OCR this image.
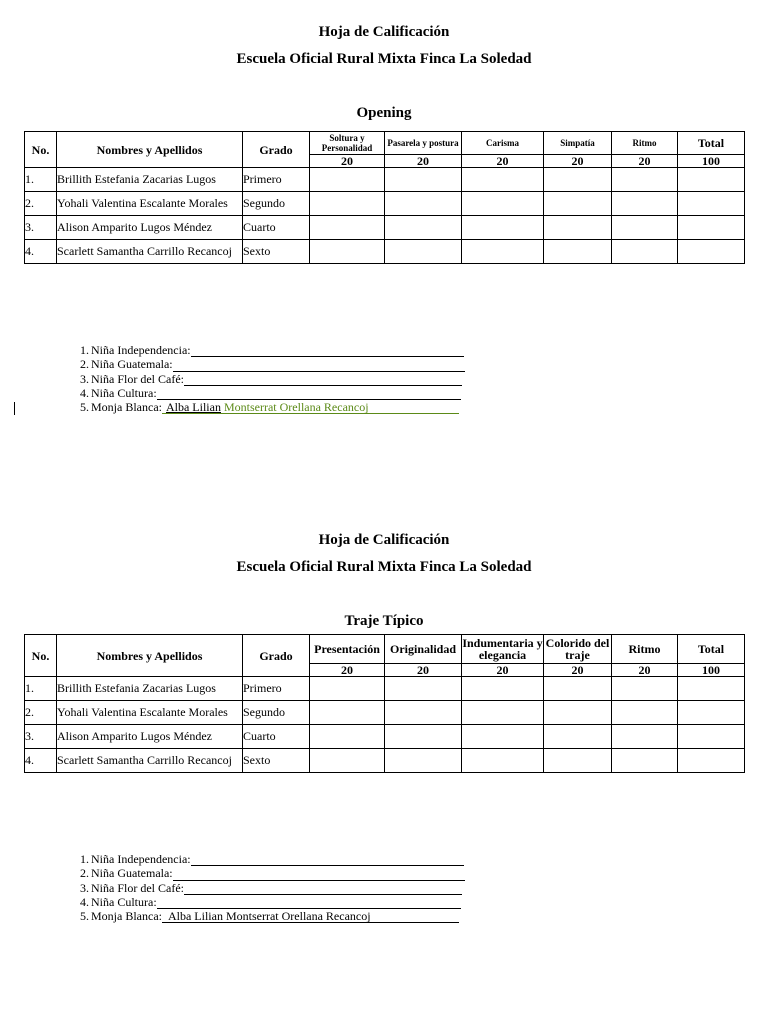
Hoja de Calificación
Escuela Oficial Rural Mixta Finca La Soledad
Opening
No.	Nombres y Apellidos	Grado	Soltura y Personalidad	Pasarela y postura	Carisma	Simpatía	Ritmo	Total
			20	20	20	20	20	100
1.	Brillith Estefania Zacarias Lugos	Primero						
2.	Yohali Valentina Escalante Morales	Segundo						
3.	Alison Amparito Lugos Méndez	Cuarto						
4.	Scarlett Samantha Carrillo Recancoj	Sexto						
1. Niña Independencia:
2. Niña Guatemala:
3. Niña Flor del Café:
4. Niña Cultura:
5. Monja Blanca: Alba Lilian Montserrat Orellana Recancoj
Hoja de Calificación
Escuela Oficial Rural Mixta Finca La Soledad
Traje Típico
No.	Nombres y Apellidos	Grado	Presentación	Originalidad	Indumentaria y elegancia	Colorido del traje	Ritmo	Total
			20	20	20	20	20	100
1.	Brillith Estefania Zacarias Lugos	Primero						
2.	Yohali Valentina Escalante Morales	Segundo						
3.	Alison Amparito Lugos Méndez	Cuarto						
4.	Scarlett Samantha Carrillo Recancoj	Sexto						
1. Niña Independencia:
2. Niña Guatemala:
3. Niña Flor del Café:
4. Niña Cultura:
5. Monja Blanca: Alba Lilian Montserrat Orellana Recancoj
